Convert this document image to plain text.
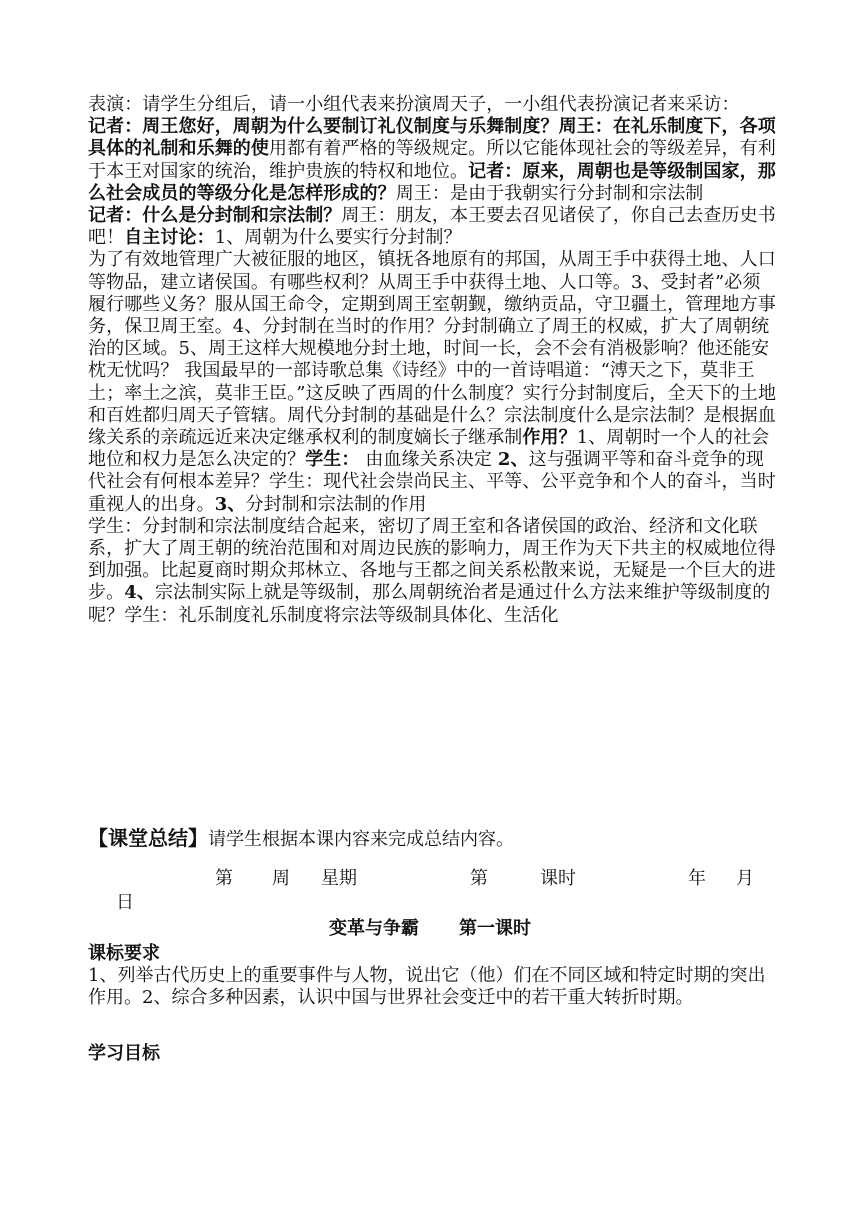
表演：请学生分组后，请一小组代表来扮演周天子，一小组代表扮演记者来采访：

记者：周王您好，周朝为什么要制订礼仪制度与乐舞制度？周王：在礼乐制度下，各项具体的礼制和乐舞的使用都有着严格的等级规定。所以它能体现社会的等级差异，有利于本王对国家的统治，维护贵族的特权和地位。记者：原来，周朝也是等级制国家，那么社会成员的等级分化是怎样形成的？周王：是由于我朝实行分封制和宗法制

记者：什么是分封制和宗法制？周王：朋友，本王要去召见诸侯了，你自己去查历史书吧！自主讨论：1、周朝为什么要实行分封制？

为了有效地管理广大被征服的地区，镇抚各地原有的邦国，从周王手中获得土地、人口等物品，建立诸侯国。有哪些权利？从周王手中获得土地、人口等。3、受封者”必须履行哪些义务？服从国王命令，定期到周王室朝觐，缴纳贡品，守卫疆土，管理地方事务，保卫周王室。4、分封制在当时的作用？分封制确立了周王的权威，扩大了周朝统治的区域。5、周王这样大规模地分封土地，时间一长，会不会有消极影响？他还能安枕无忧吗？ 我国最早的一部诗歌总集《诗经》中的一首诗唱道：“溥天之下，莫非王土；率土之滨，莫非王臣。”这反映了西周的什么制度？实行分封制度后，全天下的土地和百姓都归周天子管辖。周代分封制的基础是什么？宗法制度什么是宗法制？是根据血缘关系的亲疏远近来决定继承权利的制度嫡长子继承制作用？1、周朝时一个人的社会地位和权力是怎么决定的？学生： 由血缘关系决定 2、这与强调平等和奋斗竞争的现代社会有何根本差异？学生：现代社会崇尚民主、平等、公平竞争和个人的奋斗，当时重视人的出身。3、分封制和宗法制的作用

学生：分封制和宗法制度结合起来，密切了周王室和各诸侯国的政治、经济和文化联系，扩大了周王朝的统治范围和对周边民族的影响力，周王作为天下共主的权威地位得到加强。比起夏商时期众邦林立、各地与王都之间关系松散来说，无疑是一个巨大的进步。4、宗法制实际上就是等级制，那么周朝统治者是通过什么方法来维护等级制度的呢？学生：礼乐制度礼乐制度将宗法等级制具体化、生活化

【课堂总结】请学生根据本课内容来完成总结内容。

第 周 星期	第	课时	年 月
日
变革与争霸 第一课时
课标要求
1、列举古代历史上的重要事件与人物，说出它（他）们在不同区域和特定时期的突出作用。2、综合多种因素，认识中国与世界社会变迁中的若干重大转折时期。
学习目标
